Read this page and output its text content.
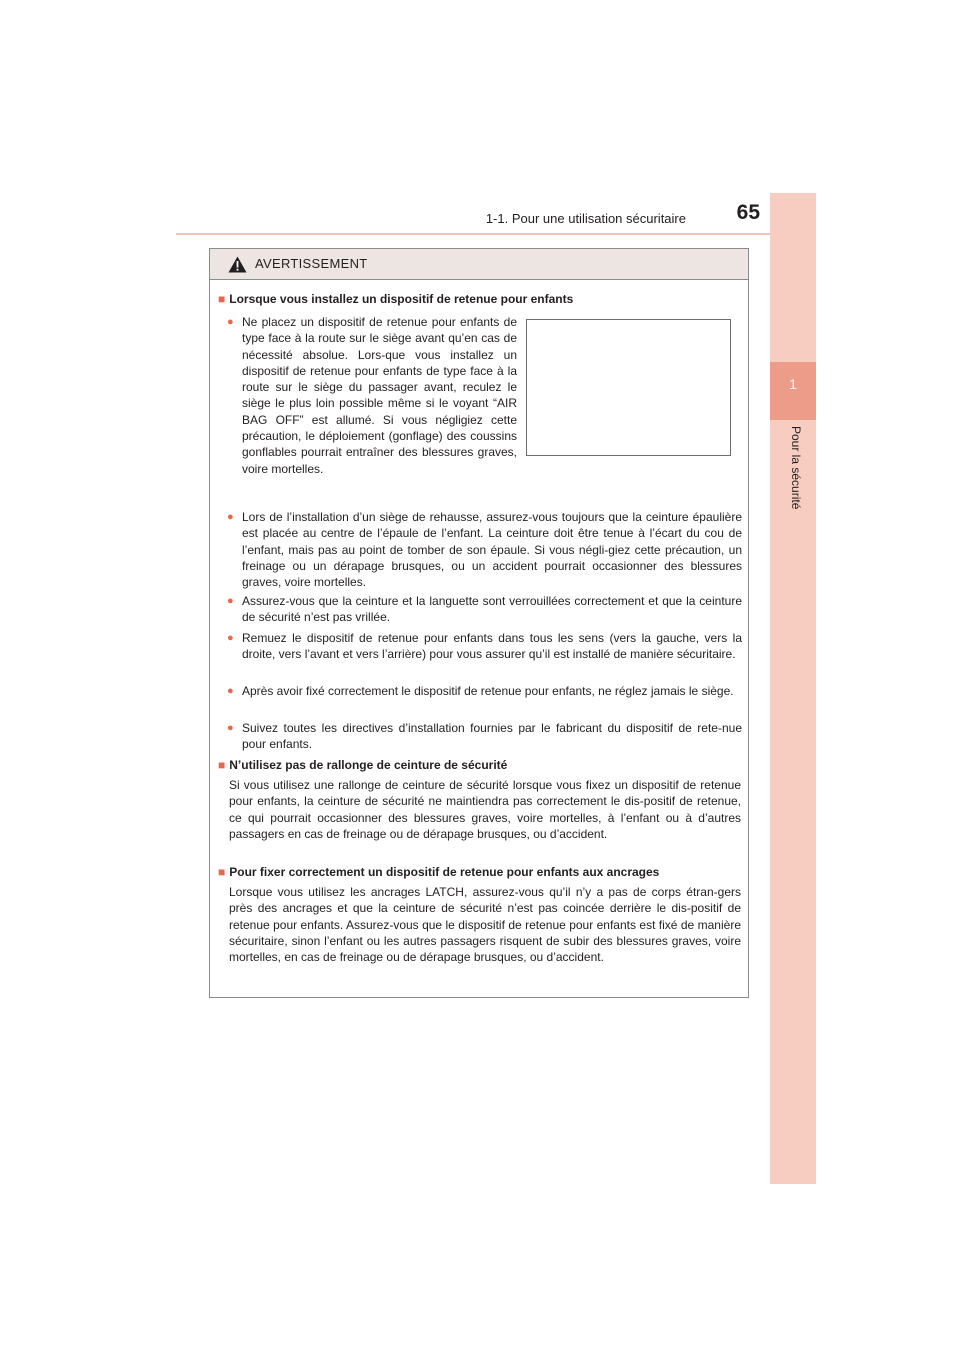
1-1. Pour une utilisation sécuritaire	65
1
Pour la sécurité
AVERTISSEMENT
■ Lorsque vous installez un dispositif de retenue pour enfants
● Ne placez un dispositif de retenue pour enfants de type face à la route sur le siège avant qu’en cas de nécessité absolue. Lors-que vous installez un dispositif de retenue pour enfants de type face à la route sur le siège du passager avant, reculez le siège le plus loin possible même si le voyant “AIR BAG OFF” est allumé. Si vous négligiez cette précaution, le déploiement (gonflage) des coussins gonflables pourrait entraîner des blessures graves, voire mortelles.
● Lors de l’installation d’un siège de rehausse, assurez-vous toujours que la ceinture épaulière est placée au centre de l’épaule de l’enfant. La ceinture doit être tenue à l’écart du cou de l’enfant, mais pas au point de tomber de son épaule. Si vous négli-giez cette précaution, un freinage ou un dérapage brusques, ou un accident pourrait occasionner des blessures graves, voire mortelles.
● Assurez-vous que la ceinture et la languette sont verrouillées correctement et que la ceinture de sécurité n’est pas vrillée.
● Remuez le dispositif de retenue pour enfants dans tous les sens (vers la gauche, vers la droite, vers l’avant et vers l’arrière) pour vous assurer qu’il est installé de manière sécuritaire.
● Après avoir fixé correctement le dispositif de retenue pour enfants, ne réglez jamais le siège.
● Suivez toutes les directives d’installation fournies par le fabricant du dispositif de rete-nue pour enfants.
■ N’utilisez pas de rallonge de ceinture de sécurité
Si vous utilisez une rallonge de ceinture de sécurité lorsque vous fixez un dispositif de retenue pour enfants, la ceinture de sécurité ne maintiendra pas correctement le dis-positif de retenue, ce qui pourrait occasionner des blessures graves, voire mortelles, à l’enfant ou à d’autres passagers en cas de freinage ou de dérapage brusques, ou d’accident.
■ Pour fixer correctement un dispositif de retenue pour enfants aux ancrages
Lorsque vous utilisez les ancrages LATCH, assurez-vous qu’il n’y a pas de corps étran-gers près des ancrages et que la ceinture de sécurité n’est pas coincée derrière le dis-positif de retenue pour enfants. Assurez-vous que le dispositif de retenue pour enfants est fixé de manière sécuritaire, sinon l’enfant ou les autres passagers risquent de subir des blessures graves, voire mortelles, en cas de freinage ou de dérapage brusques, ou d’accident.
